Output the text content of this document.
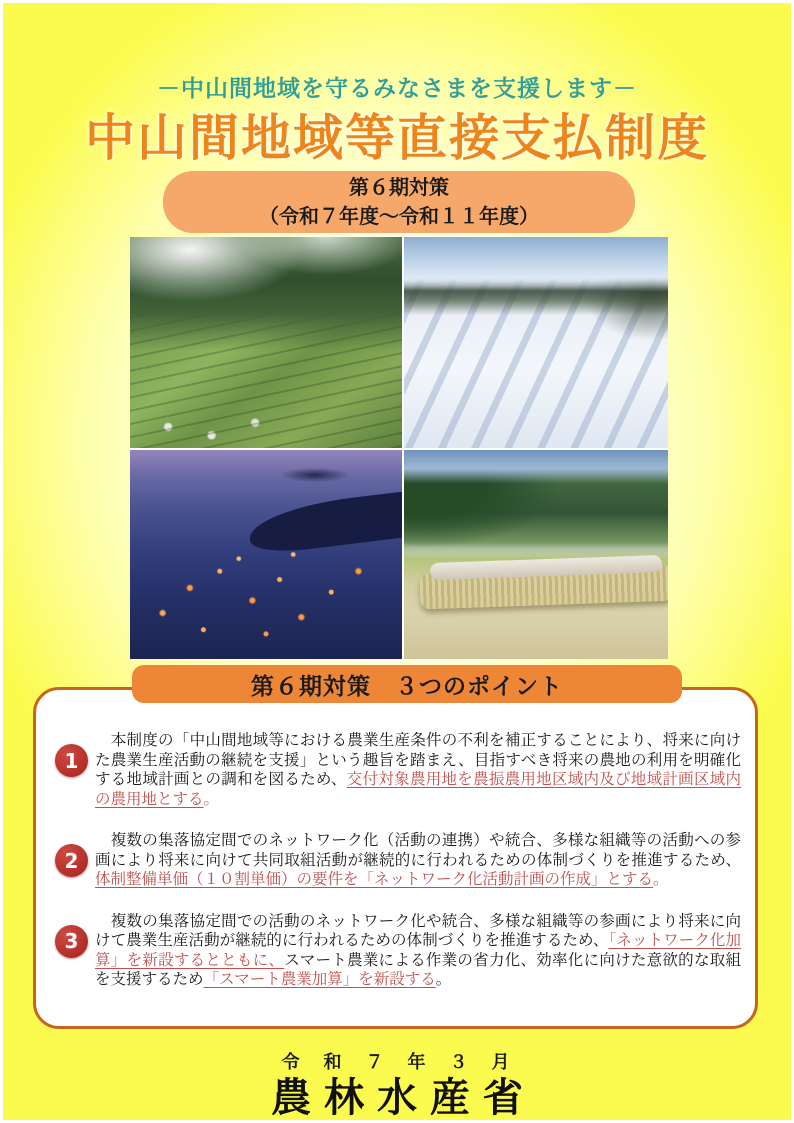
－中山間地域を守るみなさまを支援します－
中山間地域等直接支払制度
第６期対策
（令和７年度～令和１１年度）
第６期対策　３つのポイント
1

　本制度の「中山間地域等における農業生産条件の不利を補正することにより、将来に向けた農業生産活動の継続を支援」という趣旨を踏まえ、目指すべき将来の農地の利用を明確化する地域計画との調和を図るため、交付対象農用地を農振農用地区域内及び地域計画区域内の農用地とする。

2

　複数の集落協定間でのネットワーク化（活動の連携）や統合、多様な組織等の活動への参画により将来に向けて共同取組活動が継続的に行われるための体制づくりを推進するため、体制整備単価（１０割単価）の要件を「ネットワーク化活動計画の作成」とする。

3

　複数の集落協定間での活動のネットワーク化や統合、多様な組織等の参画により将来に向けて農業生産活動が継続的に行われるための体制づくりを推進するため、「ネットワーク化加算」を新設するとともに、スマート農業による作業の省力化、効率化に向けた意欲的な取組を支援するため「スマート農業加算」を新設する。

令　和　７　年　３　月
農林水産省
